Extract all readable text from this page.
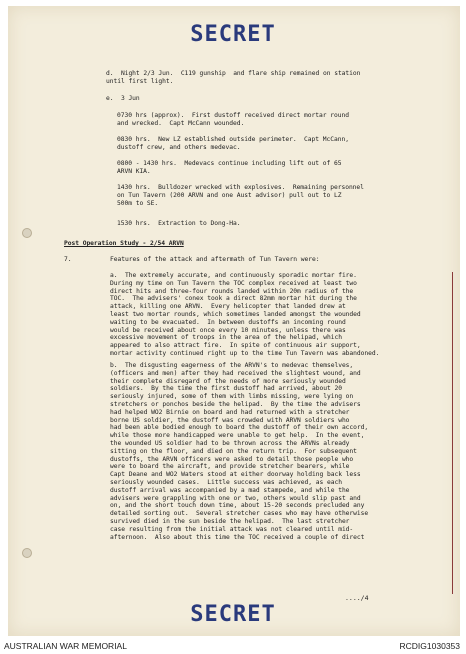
SECRET
d.  Night 2/3 Jun.  C119 gunship  and flare ship remained on station
until first light.
e.  3 Jun
0730 hrs (approx).  First dustoff received direct mortar round
and wrecked.  Capt McCann wounded.
0830 hrs.  New LZ established outside perimeter.  Capt McCann,
dustoff crew, and others medevac.
0800 - 1430 hrs.  Medevacs continue including lift out of 65
ARVN KIA.
1430 hrs.  Bulldozer wrecked with explosives.  Remaining personnel
on Tun Tavern (200 ARVN and one Aust advisor) pull out to LZ
500m to SE.
1530 hrs.  Extraction to Dong-Ha.
Post Operation Study - 2/54 ARVN
7.	Features of the attack and aftermath of Tun Tavern were:
a.  The extremely accurate, and continuously sporadic mortar fire.
During my time on Tun Tavern the TOC complex received at least two
direct hits and three-four rounds landed within 20m radius of the
TOC.  The advisers' conex took a direct 82mm mortar hit during the
attack, killing one ARVN.  Every helicopter that landed drew at
least two mortar rounds, which sometimes landed amongst the wounded
waiting to be evacuated.  In between dustoffs an incoming round
would be received about once every 10 minutes, unless there was
excessive movement of troops in the area of the helipad, which
appeared to also attract fire.  In spite of continuous air support,
mortar activity continued right up to the time Tun Tavern was abandoned.
b.  The disgusting eagerness of the ARVN's to medevac themselves,
(officers and men) after they had received the slightest wound, and
their complete disregard of the needs of more seriously wounded
soldiers.  By the time the first dustoff had arrived, about 20
seriously injured, some of them with limbs missing, were lying on
stretchers or ponchos beside the helipad.  By the time the advisers
had helped WO2 Birnie on board and had returned with a stretcher
borne US soldier, the dustoff was crowded with ARVN soldiers who
had been able bodied enough to board the dustoff of their own accord,
while those more handicapped were unable to get help.  In the event,
the wounded US soldier had to be thrown across the ARVNs already
sitting on the floor, and died on the return trip.  For subsequent
dustoffs, the ARVN officers were asked to detail those people who
were to board the aircraft, and provide stretcher bearers, while
Capt Deane and WO2 Waters stood at either doorway holding back less
seriously wounded cases.  Little success was achieved, as each
dustoff arrival was accompanied by a mad stampede, and while the
advisers were grappling with one or two, others would slip past and
on, and the short touch down time, about 15-20 seconds precluded any
detailed sorting out.  Several stretcher cases who may have otherwise
survived died in the sun beside the helipad.  The last stretcher
case resulting from the initial attack was not cleared until mid-
afternoon.  Also about this time the TOC received a couple of direct
..../4
SECRET
AUSTRALIAN WAR MEMORIAL	RCDIG1030353
